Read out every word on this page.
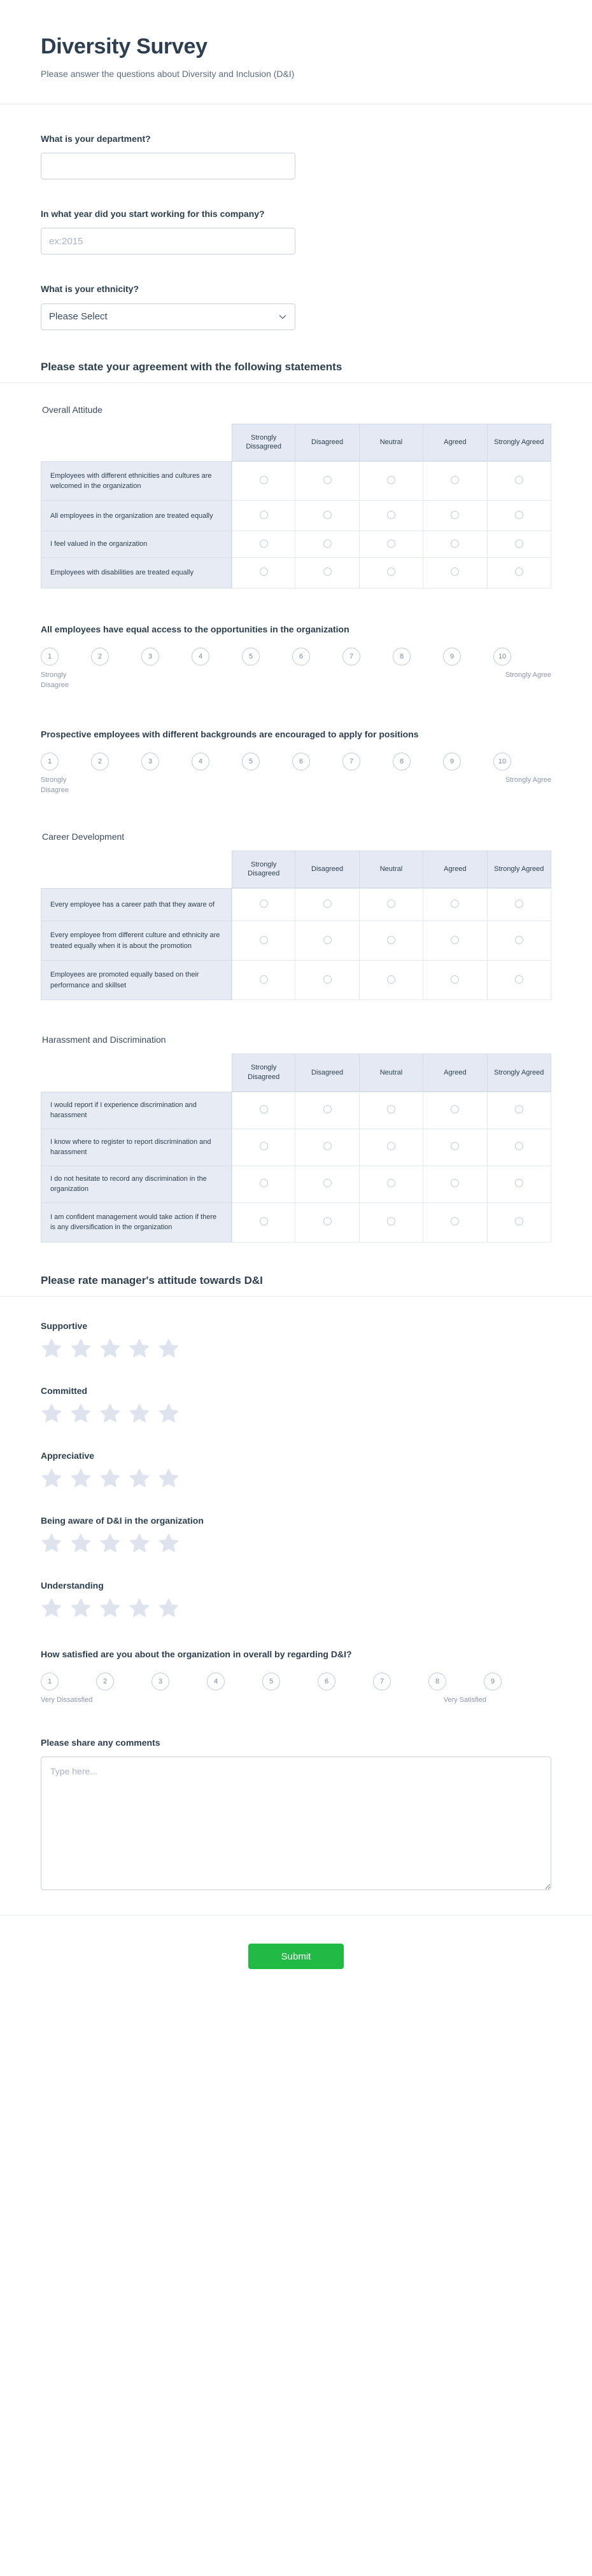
Diversity Survey

Please answer the questions about Diversity and Inclusion (D&I)

What is your department?
In what year did you start working for this company?
ex:2015
What is your ethnicity?
Please Select
Please state your agreement with the following statements
Overall Attitude
	Strongly Dissagreed	Disagreed	Neutral	Agreed	Strongly Agreed
Employees with different ethnicities and cultures are welcomed in the organization					
All employees in the organization are treated equally					
I feel valued in the organization					
Employees with disabilities are treated equally					
All employees have equal access to the opportunities in the organization
1	2	3	4	5	6	7	8	9	10
Strongly Disagree
Strongly Agree
Prospective employees with different backgrounds are encouraged to apply for positions
1	2	3	4	5	6	7	8	9	10
Strongly Disagree
Strongly Agree
Career Development
	Strongly Disagreed	Disagreed	Neutral	Agreed	Strongly Agreed
Every employee has a career path that they aware of					
Every employee from different culture and ethnicity are treated equally when it is about the promotion					
Employees are promoted equally based on their performance and skillset					
Harassment and Discrimination
	Strongly Disagreed	Disagreed	Neutral	Agreed	Strongly Agreed
I would report if I experience discrimination and harassment					
I know where to register to report discrimination and harassment					
I do not hesitate to record any discrimination in the organization					
I am confident management would take action if there is any diversification in the organization					
Please rate manager's attitude towards D&I
Supportive
Committed
Appreciative
Being aware of D&I in the organization
Understanding
How satisfied are you about the organization in overall by regarding D&I?
1	2	3	4	5	6	7	8	9
Very Dissatisfied	Very Satisfied
Please share any comments
Type here...
Submit
